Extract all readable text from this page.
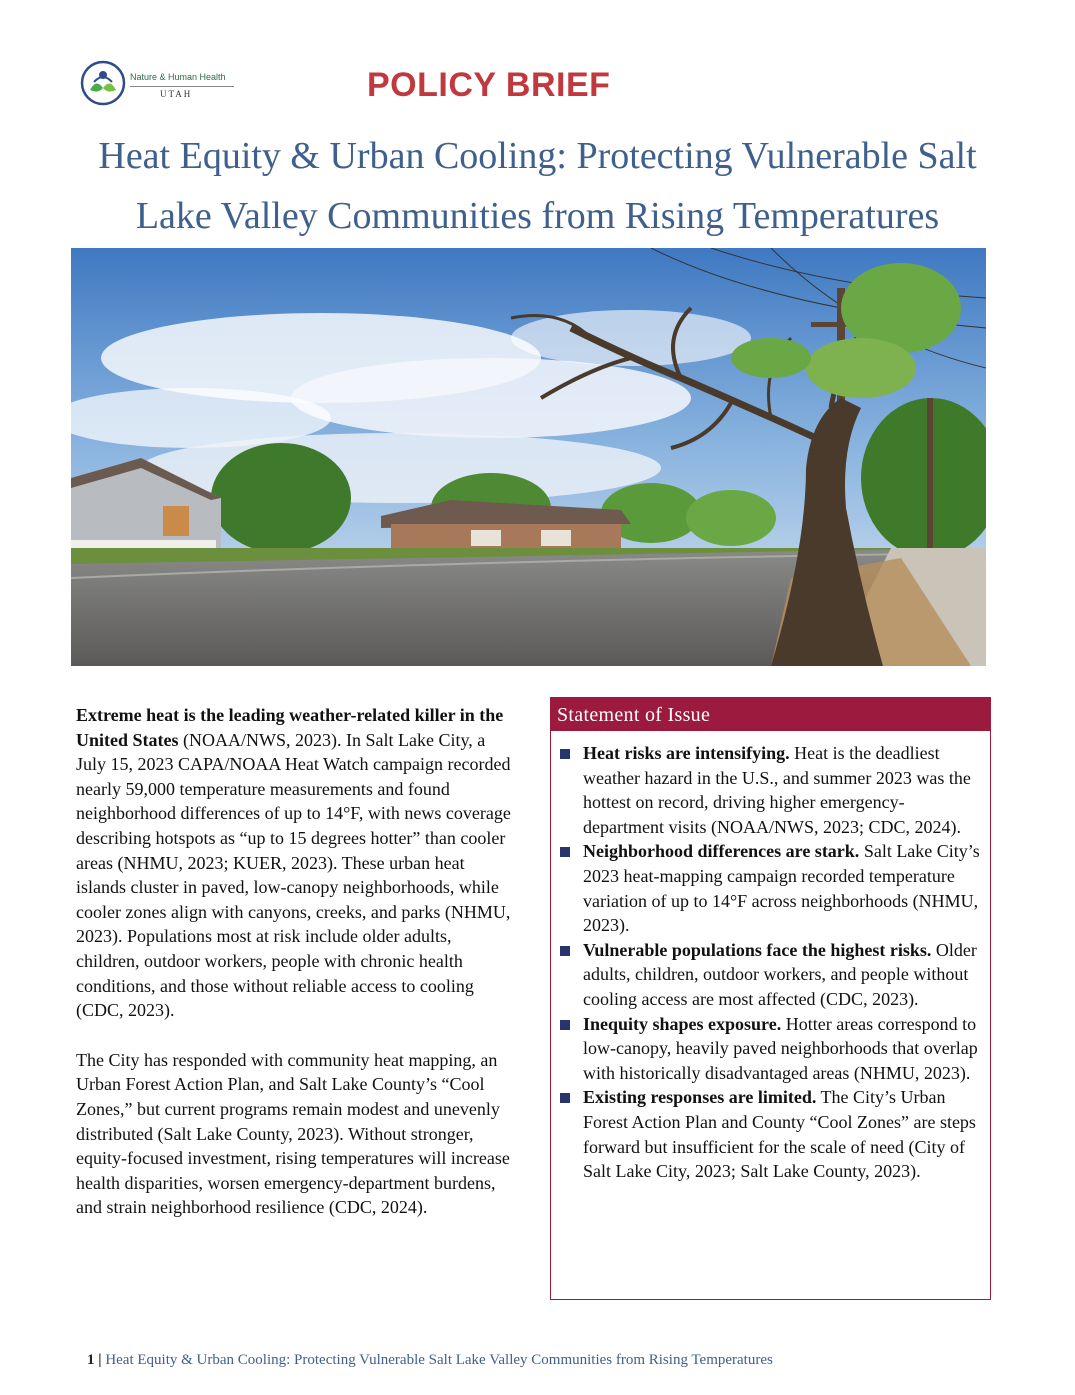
Nature & Human Health
UTAH	POLICY BRIEF
Heat Equity & Urban Cooling: Protecting Vulnerable Salt Lake Valley Communities from Rising Temperatures

Extreme heat is the leading weather-related killer in the United States (NOAA/NWS, 2023). In Salt Lake City, a July 15, 2023 CAPA/NOAA Heat Watch campaign recorded nearly 59,000 temperature measurements and found neighborhood differences of up to 14°F, with news coverage describing hotspots as “up to 15 degrees hotter” than cooler areas (NHMU, 2023; KUER, 2023). These urban heat islands cluster in paved, low-canopy neighborhoods, while cooler zones align with canyons, creeks, and parks (NHMU, 2023). Populations most at risk include older adults, children, outdoor workers, people with chronic health conditions, and those without reliable access to cooling (CDC, 2023).

The City has responded with community heat mapping, an Urban Forest Action Plan, and Salt Lake County’s “Cool Zones,” but current programs remain modest and unevenly distributed (Salt Lake County, 2023). Without stronger, equity-focused investment, rising temperatures will increase health disparities, worsen emergency-department burdens, and strain neighborhood resilience (CDC, 2024).

Statement of Issue
Heat risks are intensifying. Heat is the deadliest weather hazard in the U.S., and summer 2023 was the hottest on record, driving higher emergency-department visits (NOAA/NWS, 2023; CDC, 2024).
Neighborhood differences are stark. Salt Lake City’s 2023 heat-mapping campaign recorded temperature variation of up to 14°F across neighborhoods (NHMU, 2023).
Vulnerable populations face the highest risks. Older adults, children, outdoor workers, and people without cooling access are most affected (CDC, 2023).
Inequity shapes exposure. Hotter areas correspond to low-canopy, heavily paved neighborhoods that overlap with historically disadvantaged areas (NHMU, 2023).
Existing responses are limited. The City’s Urban Forest Action Plan and County “Cool Zones” are steps forward but insufficient for the scale of need (City of Salt Lake City, 2023; Salt Lake County, 2023).
1 | Heat Equity & Urban Cooling: Protecting Vulnerable Salt Lake Valley Communities from Rising Temperatures
